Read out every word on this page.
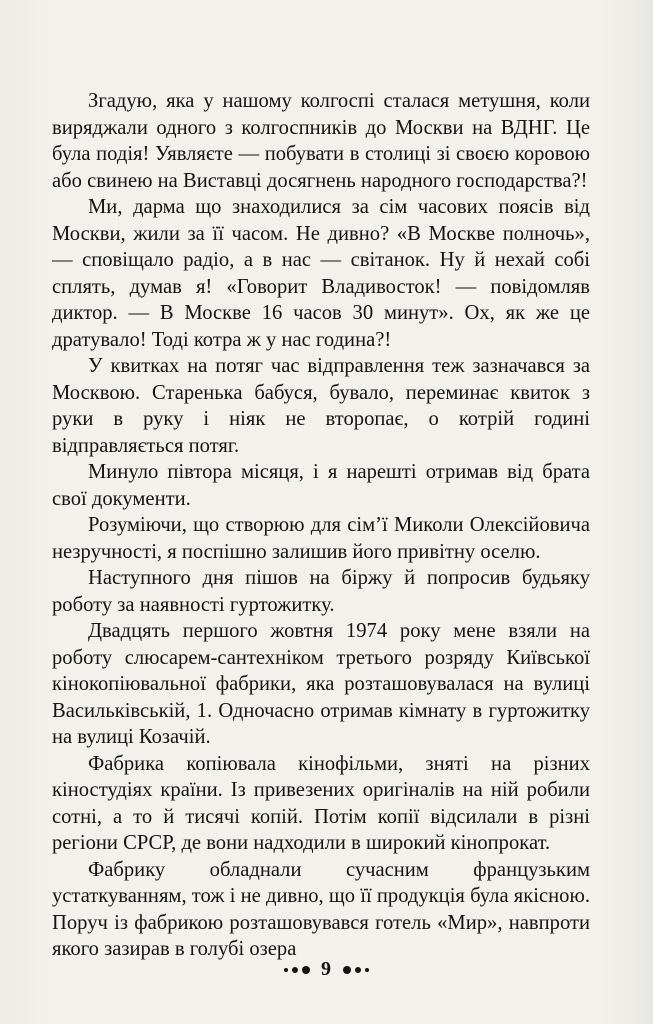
Згадую, яка у нашому колгоспі сталася метушня, коли виряджали одного з колгоспників до Москви на ВДНГ. Це була подія! Уявляєте — побувати в столиці зі своєю коровою або свинею на Виставці досягнень народного господарства?!

Ми, дарма що знаходилися за сім часових поясів від Москви, жили за її часом. Не дивно? «В Москве полночь», — сповіщало радіо, а в нас — світанок. Ну й нехай собі сплять, думав я! «Говорит Владивосток! — повідомляв диктор. — В Москве 16 часов 30 минут». Ох, як же це дратувало! Тоді котра ж у нас година?!

У квитках на потяг час відправлення теж зазначався за Москвою. Старенька бабуся, бувало, переминає квиток з руки в руку і ніяк не второпає, о котрій годині відправляється потяг.

Минуло півтора місяця, і я нарешті отримав від брата свої документи.

Розуміючи, що створюю для сім’ї Миколи Олексійовича незручності, я поспішно залишив його привітну оселю.

Наступного дня пішов на біржу й попросив будьяку роботу за наявності гуртожитку.

Двадцять першого жовтня 1974 року мене взяли на роботу слюсарем-сантехніком третього розряду Київської кінокопіювальної фабрики, яка розташовувалася на вулиці Васильківській, 1. Одночасно отримав кімнату в гуртожитку на вулиці Козачій.

Фабрика копіювала кінофільми, зняті на різних кіностудіях країни. Із привезених оригіналів на ній робили сотні, а то й тисячі копій. Потім копії відсилали в різні регіони СРСР, де вони надходили в широкий кінопрокат.

Фабрику обладнали сучасним французьким устаткуванням, тож і не дивно, що її продукція була якісною. Поруч із фабрикою розташовувався готель «Мир», навпроти якого зазирав в голубі озера

9
